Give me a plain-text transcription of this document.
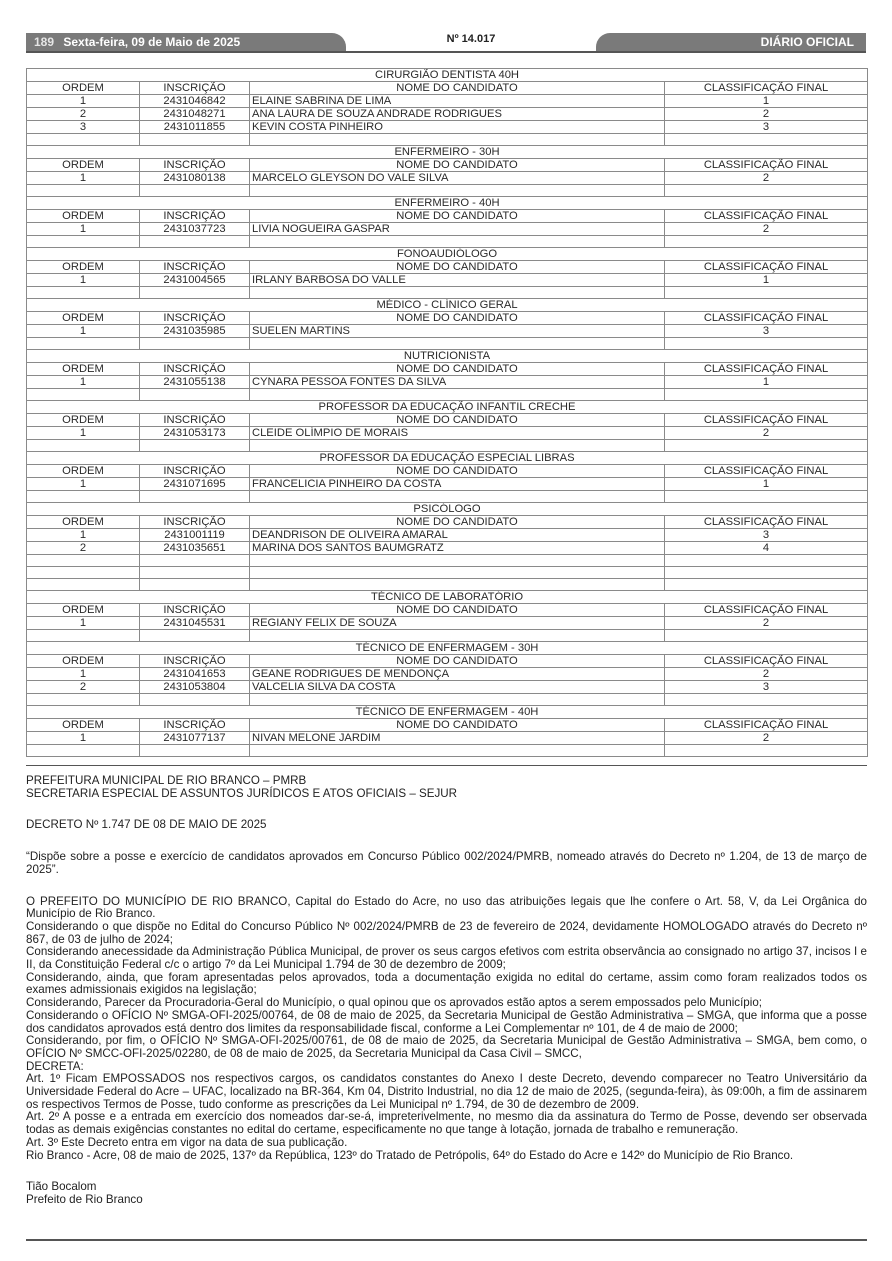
189 Sexta-feira, 09 de Maio de 2025	Nº 14.017	DIÁRIO OFICIAL
CIRURGIÃO DENTISTA 40H			
ORDEM	INSCRIÇÃO	NOME DO CANDIDATO	CLASSIFICAÇÃO FINAL
1	2431046842	ELAINE SABRINA DE LIMA	1
2	2431048271	ANA LAURA DE SOUZA ANDRADE RODRIGUES	2
3	2431011855	KEVIN COSTA PINHEIRO	3

ENFERMEIRO - 30H			
ORDEM	INSCRIÇÃO	NOME DO CANDIDATO	CLASSIFICAÇÃO FINAL
1	2431080138	MARCELO GLEYSON DO VALE SILVA	2

ENFERMEIRO - 40H			
ORDEM	INSCRIÇÃO	NOME DO CANDIDATO	CLASSIFICAÇÃO FINAL
1	2431037723	LIVIA NOGUEIRA GASPAR	2

FONOAUDIÓLOGO			
ORDEM	INSCRIÇÃO	NOME DO CANDIDATO	CLASSIFICAÇÃO FINAL
1	2431004565	IRLANY BARBOSA DO VALLE	1

MÉDICO - CLÍNICO GERAL			
ORDEM	INSCRIÇÃO	NOME DO CANDIDATO	CLASSIFICAÇÃO FINAL
1	2431035985	SUELEN MARTINS	3

NUTRICIONISTA			
ORDEM	INSCRIÇÃO	NOME DO CANDIDATO	CLASSIFICAÇÃO FINAL
1	2431055138	CYNARA PESSOA FONTES DA SILVA	1

PROFESSOR DA EDUCAÇÃO INFANTIL CRECHE			
ORDEM	INSCRIÇÃO	NOME DO CANDIDATO	CLASSIFICAÇÃO FINAL
1	2431053173	CLEIDE OLÍMPIO DE MORAIS	2

PROFESSOR DA EDUCAÇÃO ESPECIAL LIBRAS			
ORDEM	INSCRIÇÃO	NOME DO CANDIDATO	CLASSIFICAÇÃO FINAL
1	2431071695	FRANCELICIA PINHEIRO DA COSTA	1

PSICÓLOGO			
ORDEM	INSCRIÇÃO	NOME DO CANDIDATO	CLASSIFICAÇÃO FINAL
1	2431001119	DEANDRISON DE OLIVEIRA AMARAL	3
2	2431035651	MARINA DOS SANTOS BAUMGRATZ	4

TÉCNICO DE LABORATÓRIO			
ORDEM	INSCRIÇÃO	NOME DO CANDIDATO	CLASSIFICAÇÃO FINAL
1	2431045531	REGIANY FELIX DE SOUZA	2

TÉCNICO DE ENFERMAGEM - 30H			
ORDEM	INSCRIÇÃO	NOME DO CANDIDATO	CLASSIFICAÇÃO FINAL
1	2431041653	GEANE RODRIGUES DE MENDONÇA	2
2	2431053804	VALCELIA SILVA DA COSTA	3

TÉCNICO DE ENFERMAGEM - 40H			
ORDEM	INSCRIÇÃO	NOME DO CANDIDATO	CLASSIFICAÇÃO FINAL
1	2431077137	NIVAN MELONE JARDIM	2

PREFEITURA MUNICIPAL DE RIO BRANCO – PMRB

SECRETARIA ESPECIAL DE ASSUNTOS JURÍDICOS E ATOS OFICIAIS – SEJUR

DECRETO Nº 1.747 DE 08 DE MAIO DE 2025

“Dispõe sobre a posse e exercício de candidatos aprovados em Concurso Público 002/2024/PMRB, nomeado através do Decreto nº 1.204, de 13 de março de 2025”.

O PREFEITO DO MUNICÍPIO DE RIO BRANCO, Capital do Estado do Acre, no uso das atribuições legais que lhe confere o Art. 58, V, da Lei Orgânica do Município de Rio Branco.

Considerando o que dispõe no Edital do Concurso Público Nº 002/2024/PMRB de 23 de fevereiro de 2024, devidamente HOMOLOGADO através do Decreto nº 867, de 03 de julho de 2024;

Considerando anecessidade da Administração Pública Municipal, de prover os seus cargos efetivos com estrita observância ao consignado no artigo 37, incisos I e II, da Constituição Federal c/c o artigo 7º da Lei Municipal 1.794 de 30 de dezembro de 2009;

Considerando, ainda, que foram apresentadas pelos aprovados, toda a documentação exigida no edital do certame, assim como foram realizados todos os exames admissionais exigidos na legislação;

Considerando, Parecer da Procuradoria-Geral do Município, o qual opinou que os aprovados estão aptos a serem empossados pelo Município;

Considerando o OFÍCIO Nº SMGA-OFI-2025/00764, de 08 de maio de 2025, da Secretaria Municipal de Gestão Administrativa – SMGA, que informa que a posse dos candidatos aprovados está dentro dos limites da responsabilidade fiscal, conforme a Lei Complementar nº 101, de 4 de maio de 2000;

Considerando, por fim, o OFÍCIO Nº SMGA-OFI-2025/00761, de 08 de maio de 2025, da Secretaria Municipal de Gestão Administrativa – SMGA, bem como, o OFÍCIO Nº SMCC-OFI-2025/02280, de 08 de maio de 2025, da Secretaria Municipal da Casa Civil – SMCC,

DECRETA:

Art. 1º Ficam EMPOSSADOS nos respectivos cargos, os candidatos constantes do Anexo I deste Decreto, devendo comparecer no Teatro Universitário da Universidade Federal do Acre – UFAC, localizado na BR-364, Km 04, Distrito Industrial, no dia 12 de maio de 2025, (segunda-feira), às 09:00h, a fim de assinarem os respectivos Termos de Posse, tudo conforme as prescrições da Lei Municipal nº 1.794, de 30 de dezembro de 2009.

Art. 2º A posse e a entrada em exercício dos nomeados dar-se-á, impreterivelmente, no mesmo dia da assinatura do Termo de Posse, devendo ser observada todas as demais exigências constantes no edital do certame, especificamente no que tange à lotação, jornada de trabalho e remuneração.

Art. 3º Este Decreto entra em vigor na data de sua publicação.

Rio Branco - Acre, 08 de maio de 2025, 137º da República, 123º do Tratado de Petrópolis, 64º do Estado do Acre e 142º do Município de Rio Branco.

Tião Bocalom

Prefeito de Rio Branco
